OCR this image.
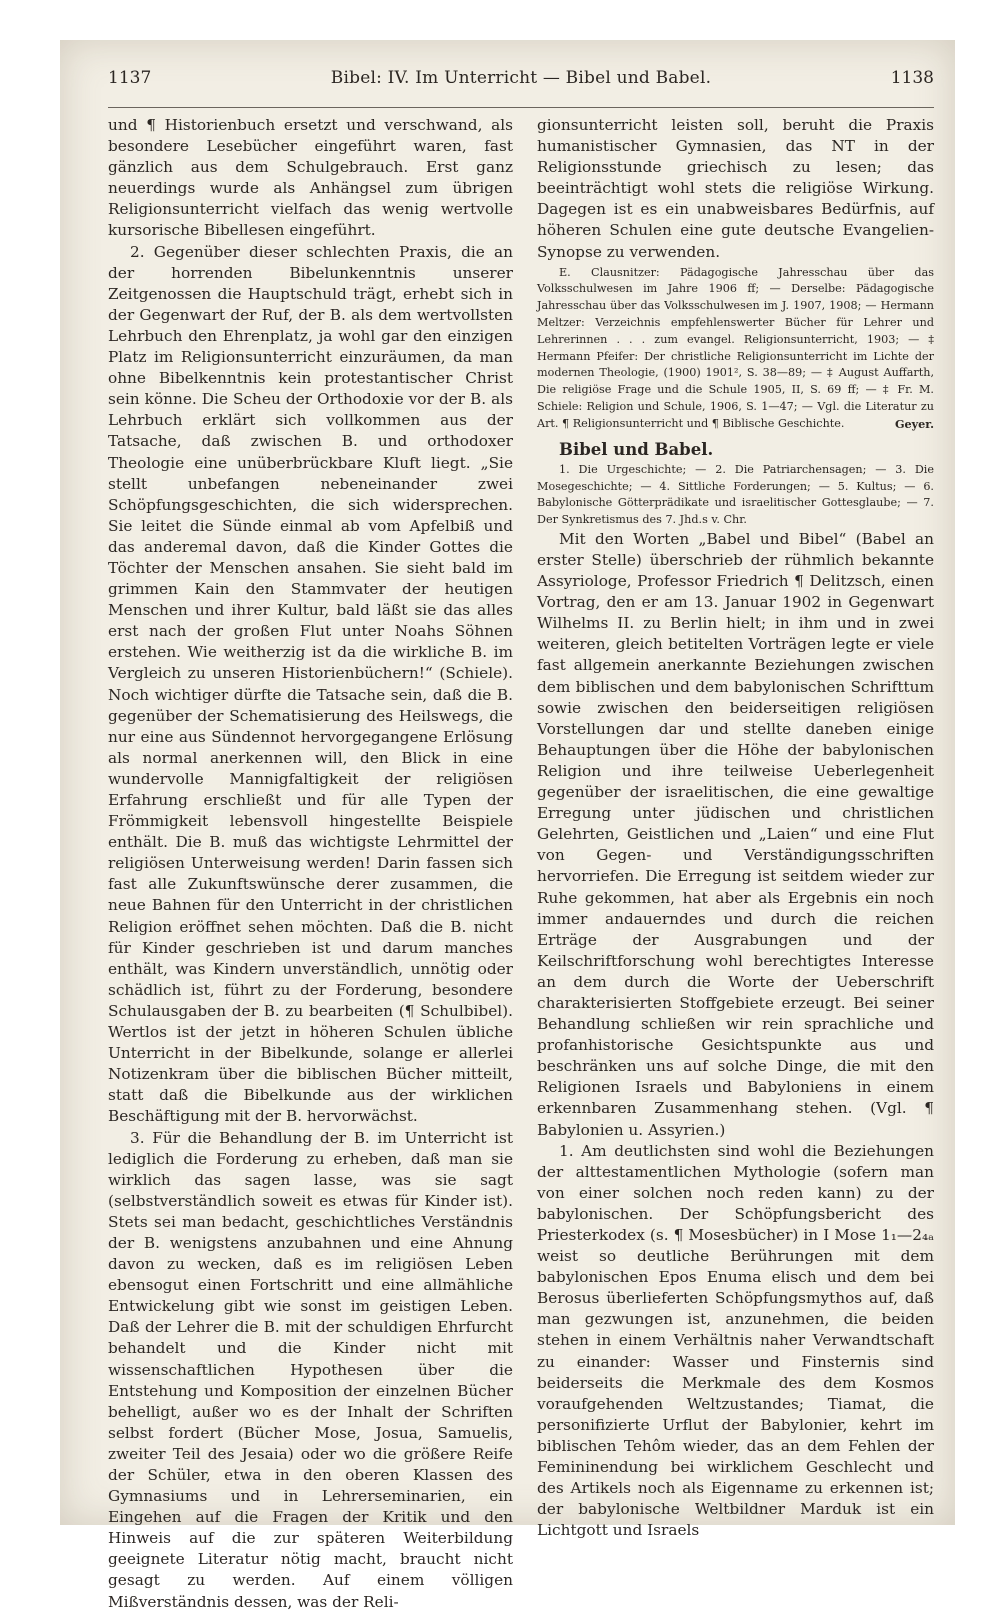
1137	Bibel: IV. Im Unterricht — Bibel und Babel.	1138

und ¶ Historienbuch ersetzt und verschwand, als besondere Lesebücher eingeführt waren, fast gänzlich aus dem Schulgebrauch. Erst ganz neuerdings wurde als Anhängsel zum übrigen Religionsunterricht vielfach das wenig wertvolle kursorische Bibellesen eingeführt.

2. Gegenüber dieser schlechten Praxis, die an der horrenden Bibelunkenntnis unserer Zeitgenossen die Hauptschuld trägt, erhebt sich in der Gegenwart der Ruf, der B. als dem wertvollsten Lehrbuch den Ehrenplatz, ja wohl gar den einzigen Platz im Religionsunterricht einzuräumen, da man ohne Bibelkenntnis kein protestantischer Christ sein könne. Die Scheu der Orthodoxie vor der B. als Lehrbuch erklärt sich vollkommen aus der Tatsache, daß zwischen B. und orthodoxer Theologie eine unüberbrückbare Kluft liegt. „Sie stellt unbefangen nebeneinander zwei Schöpfungsgeschichten, die sich widersprechen. Sie leitet die Sünde einmal ab vom Apfelbiß und das anderemal davon, daß die Kinder Gottes die Töchter der Menschen ansahen. Sie sieht bald im grimmen Kain den Stammvater der heutigen Menschen und ihrer Kultur, bald läßt sie das alles erst nach der großen Flut unter Noahs Söhnen erstehen. Wie weitherzig ist da die wirkliche B. im Vergleich zu unseren Historienbüchern!“ (Schiele). Noch wichtiger dürfte die Tatsache sein, daß die B. gegenüber der Schematisierung des Heilswegs, die nur eine aus Sündennot hervorgegangene Erlösung als normal anerkennen will, den Blick in eine wundervolle Mannigfaltigkeit der religiösen Erfahrung erschließt und für alle Typen der Frömmigkeit lebensvoll hingestellte Beispiele enthält. Die B. muß das wichtigste Lehrmittel der religiösen Unterweisung werden! Darin fassen sich fast alle Zukunftswünsche derer zusammen, die neue Bahnen für den Unterricht in der christlichen Religion eröffnet sehen möchten. Daß die B. nicht für Kinder geschrieben ist und darum manches enthält, was Kindern unverständlich, unnötig oder schädlich ist, führt zu der Forderung, besondere Schulausgaben der B. zu bearbeiten (¶ Schulbibel). Wertlos ist der jetzt in höheren Schulen übliche Unterricht in der Bibelkunde, solange er allerlei Notizenkram über die biblischen Bücher mitteilt, statt daß die Bibelkunde aus der wirklichen Beschäftigung mit der B. hervorwächst.

3. Für die Behandlung der B. im Unterricht ist lediglich die Forderung zu erheben, daß man sie wirklich das sagen lasse, was sie sagt (selbstverständlich soweit es etwas für Kinder ist). Stets sei man bedacht, geschichtliches Verständnis der B. wenigstens anzubahnen und eine Ahnung davon zu wecken, daß es im religiösen Leben ebensogut einen Fortschritt und eine allmähliche Entwickelung gibt wie sonst im geistigen Leben. Daß der Lehrer die B. mit der schuldigen Ehrfurcht behandelt und die Kinder nicht mit wissenschaftlichen Hypothesen über die Entstehung und Komposition der einzelnen Bücher behelligt, außer wo es der Inhalt der Schriften selbst fordert (Bücher Mose, Josua, Samuelis, zweiter Teil des Jesaia) oder wo die größere Reife der Schüler, etwa in den oberen Klassen des Gymnasiums und in Lehrerseminarien, ein Eingehen auf die Fragen der Kritik und den Hinweis auf die zur späteren Weiterbildung geeignete Literatur nötig macht, braucht nicht gesagt zu werden. Auf einem völligen Mißverständnis dessen, was der Reli-

gionsunterricht leisten soll, beruht die Praxis humanistischer Gymnasien, das NT in der Religionsstunde griechisch zu lesen; das beeinträchtigt wohl stets die religiöse Wirkung. Dagegen ist es ein unabweisbares Bedürfnis, auf höheren Schulen eine gute deutsche Evangelien-Synopse zu verwenden.

E. Clausnitzer: Pädagogische Jahresschau über das Volksschulwesen im Jahre 1906 ff; — Derselbe: Pädagogische Jahresschau über das Volksschulwesen im J. 1907, 1908; — Hermann Meltzer: Verzeichnis empfehlenswerter Bücher für Lehrer und Lehrerinnen . . . zum evangel. Religionsunterricht, 1903; — ‡ Hermann Pfeifer: Der christliche Religionsunterricht im Lichte der modernen Theologie, (1900) 1901², S. 38—89; — ‡ August Auffarth, Die religiöse Frage und die Schule 1905, II, S. 69 ff; — ‡ Fr. M. Schiele: Religion und Schule, 1906, S. 1—47; — Vgl. die Literatur zu Art. ¶ Religionsunterricht und ¶ Biblische Geschichte.	Geyer.

Bibel und Babel.

1. Die Urgeschichte; — 2. Die Patriarchensagen; — 3. Die Mosegeschichte; — 4. Sittliche Forderungen; — 5. Kultus; — 6. Babylonische Götterprädikate und israelitischer Gottesglaube; — 7. Der Synkretismus des 7. Jhd.s v. Chr.

Mit den Worten „Babel und Bibel“ (Babel an erster Stelle) überschrieb der rühmlich bekannte Assyriologe, Professor Friedrich ¶ Delitzsch, einen Vortrag, den er am 13. Januar 1902 in Gegenwart Wilhelms II. zu Berlin hielt; in ihm und in zwei weiteren, gleich betitelten Vorträgen legte er viele fast allgemein anerkannte Beziehungen zwischen dem biblischen und dem babylonischen Schrifttum sowie zwischen den beiderseitigen religiösen Vorstellungen dar und stellte daneben einige Behauptungen über die Höhe der babylonischen Religion und ihre teilweise Ueberlegenheit gegenüber der israelitischen, die eine gewaltige Erregung unter jüdischen und christlichen Gelehrten, Geistlichen und „Laien“ und eine Flut von Gegen- und Verständigungsschriften hervorriefen. Die Erregung ist seitdem wieder zur Ruhe gekommen, hat aber als Ergebnis ein noch immer andauerndes und durch die reichen Erträge der Ausgrabungen und der Keilschriftforschung wohl berechtigtes Interesse an dem durch die Worte der Ueberschrift charakterisierten Stoffgebiete erzeugt. Bei seiner Behandlung schließen wir rein sprachliche und profanhistorische Gesichtspunkte aus und beschränken uns auf solche Dinge, die mit den Religionen Israels und Babyloniens in einem erkennbaren Zusammenhang stehen. (Vgl. ¶ Babylonien u. Assyrien.)

1. Am deutlichsten sind wohl die Beziehungen der alttestamentlichen Mythologie (sofern man von einer solchen noch reden kann) zu der babylonischen. Der Schöpfungsbericht des Priesterkodex (s. ¶ Mosesbücher) in I Mose 1₁—2₄ₐ weist so deutliche Berührungen mit dem babylonischen Epos Enuma elisch und dem bei Berosus überlieferten Schöpfungsmythos auf, daß man gezwungen ist, anzunehmen, die beiden stehen in einem Verhältnis naher Verwandtschaft zu einander: Wasser und Finsternis sind beiderseits die Merkmale des dem Kosmos voraufgehenden Weltzustandes; Tiamat, die personifizierte Urflut der Babylonier, kehrt im biblischen Tehôm wieder, das an dem Fehlen der Femininendung bei wirklichem Geschlecht und des Artikels noch als Eigenname zu erkennen ist; der babylonische Weltbildner Marduk ist ein Lichtgott und Israels
